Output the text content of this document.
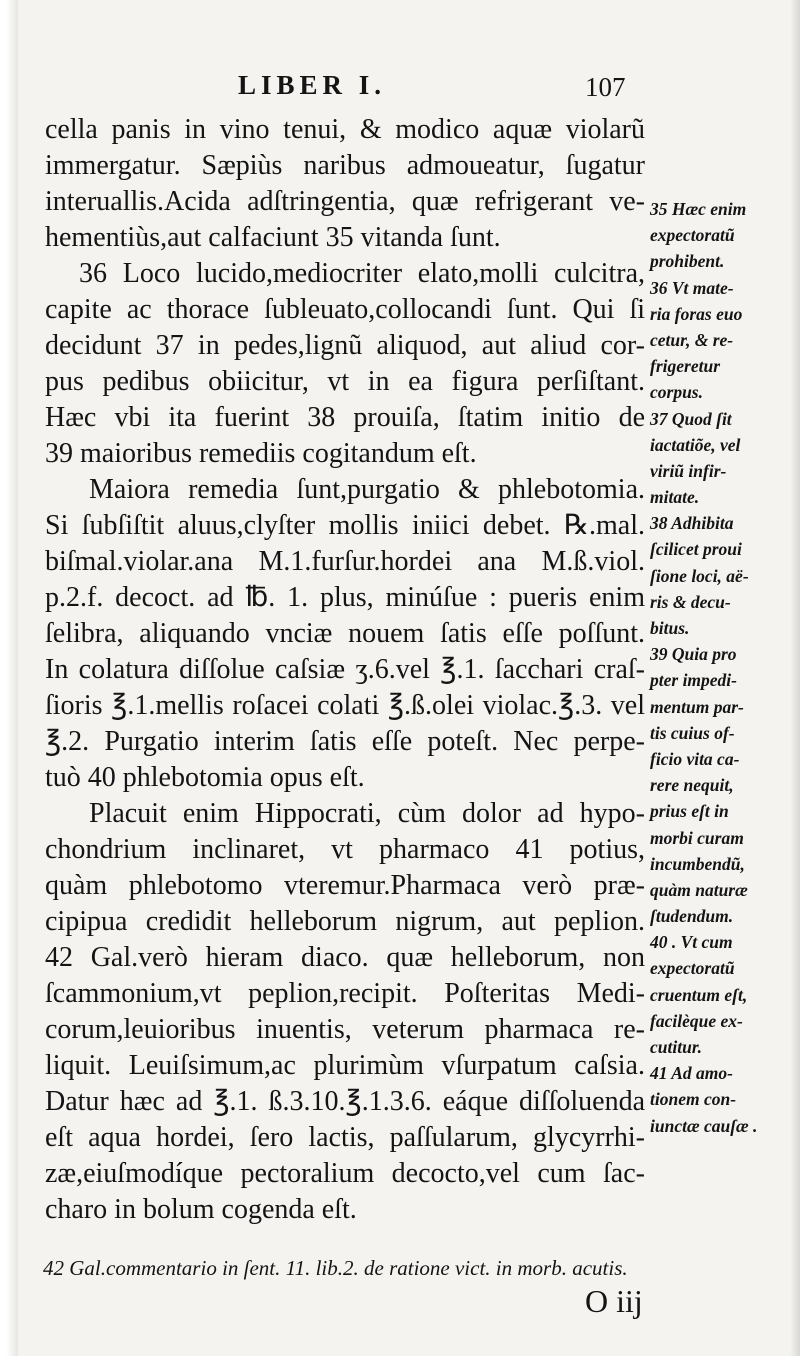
LIBER I.	107
cella panis in vino tenui, & modico aquæ violarũ
immergatur. Sæpiùs naribus admoueatur, ſugatur
interuallis.Acida adſtringentia, quæ refrigerant ve-
hementiùs,aut calfaciunt 35 vitanda ſunt.
36 Loco lucido,mediocriter elato,molli culcitra,
capite ac thorace ſubleuato,collocandi ſunt. Qui ſi
decidunt 37 in pedes,lignũ aliquod, aut aliud cor-
pus pedibus obiicitur, vt in ea figura perſiſtant.
Hæc vbi ita fuerint 38 prouiſa, ſtatim initio de
39 maioribus remediis cogitandum eſt.
Maiora remedia ſunt,purgatio & phlebotomia.
Si ſubſiſtit aluus,clyſter mollis iniici debet. ℞.mal.
biſmal.violar.ana M.1.furſur.hordei ana M.ß.viol.
p.2.f. decoct. ad ℔. 1. plus, minúſue : pueris enim
ſelibra, aliquando vnciæ nouem ſatis eſſe poſſunt.
In colatura diſſolue caſsiæ ʒ.6.vel ℥.1. ſacchari craſ-
ſioris ℥.1.mellis roſacei colati ℥.ß.olei violac.℥.3. vel
℥.2. Purgatio interim ſatis eſſe poteſt. Nec perpe-
tuò 40 phlebotomia opus eſt.
Placuit enim Hippocrati, cùm dolor ad hypo-
chondrium inclinaret, vt pharmaco 41 potius,
quàm phlebotomo vteremur.Pharmaca verò præ-
cipipua credidit helleborum nigrum, aut peplion.
42 Gal.verò hieram diaco. quæ helleborum, non
ſcammonium,vt peplion,recipit. Poſteritas Medi-
corum,leuioribus inuentis, veterum pharmaca re-
liquit. Leuiſsimum,ac plurimùm vſurpatum caſsia.
Datur hæc ad ℥.1. ß.3.10.℥.1.3.6. eáque diſſoluenda
eſt aqua hordei, ſero lactis, paſſularum, glycyrrhi-
zæ,eiuſmodíque pectoralium decocto,vel cum ſac-
charo in bolum cogenda eſt.
35 Hæc enim
expectoratũ
prohibent.
36 Vt mate-
ria foras euo
cetur, & re-
frigeretur
corpus.
37 Quod ſit
iactatiõe, vel
viriũ infir-
mitate.
38 Adhibita
ſcilicet proui
ſione loci, aë-
ris & decu-
bitus.
39 Quia pro
pter impedi-
mentum par-
tis cuius of-
ficio vita ca-
rere nequit,
prius eſt in
morbi curam
incumbendũ,
quàm naturæ
ſtudendum.
40 . Vt cum
expectoratũ
cruentum eſt,
facilèque ex-
cutitur.
41 Ad amo-
tionem con-
iunctæ cauſæ .
42 Gal.commentario in ſent. 11. lib.2. de ratione vict. in morb. acutis.
O iij
